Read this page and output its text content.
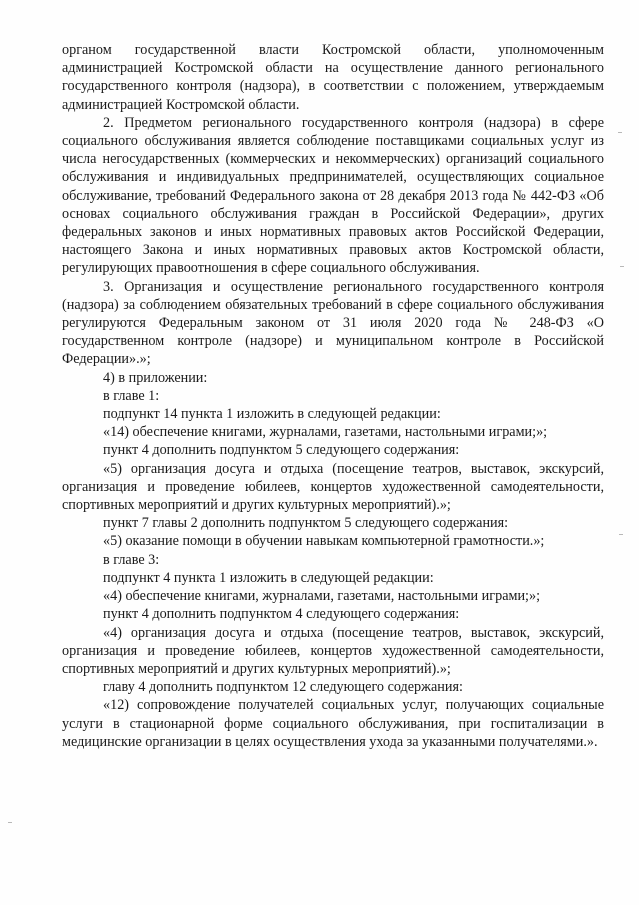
органом государственной власти Костромской области, уполномоченным администрацией Костромской области на осуществление данного регионального государственного контроля (надзора), в соответствии с положением, утверждаемым администрацией Костромской области.

2. Предметом регионального государственного контроля (надзора) в сфере социального обслуживания является соблюдение поставщиками социальных услуг из числа негосударственных (коммерческих и некоммерческих) организаций социального обслуживания и индивидуальных предпринимателей, осуществляющих социальное обслуживание, требований Федерального закона от 28 декабря 2013 года № 442-ФЗ «Об основах социального обслуживания граждан в Российской Федерации», других федеральных законов и иных нормативных правовых актов Российской Федерации, настоящего Закона и иных нормативных правовых актов Костромской области, регулирующих правоотношения в сфере социального обслуживания.

3. Организация и осуществление регионального государственного контроля (надзора) за соблюдением обязательных требований в сфере социального обслуживания регулируются Федеральным законом от 31 июля 2020 года № 248-ФЗ «О государственном контроле (надзоре) и муниципальном контроле в Российской Федерации».»;

4) в приложении:

в главе 1:

подпункт 14 пункта 1 изложить в следующей редакции:

«14) обеспечение книгами, журналами, газетами, настольными играми;»;

пункт 4 дополнить подпунктом 5 следующего содержания:

«5) организация досуга и отдыха (посещение театров, выставок, экскурсий, организация и проведение юбилеев, концертов художественной самодеятельности, спортивных мероприятий и других культурных мероприятий).»;

пункт 7 главы 2 дополнить подпунктом 5 следующего содержания:

«5) оказание помощи в обучении навыкам компьютерной грамотности.»;

в главе 3:

подпункт 4 пункта 1 изложить в следующей редакции:

«4) обеспечение книгами, журналами, газетами, настольными играми;»;

пункт 4 дополнить подпунктом 4 следующего содержания:

«4) организация досуга и отдыха (посещение театров, выставок, экскурсий, организация и проведение юбилеев, концертов художественной самодеятельности, спортивных мероприятий и других культурных мероприятий).»;

главу 4 дополнить подпунктом 12 следующего содержания:

«12) сопровождение получателей социальных услуг, получающих социальные услуги в стационарной форме социального обслуживания, при госпитализации в медицинские организации в целях осуществления ухода за указанными получателями.».
